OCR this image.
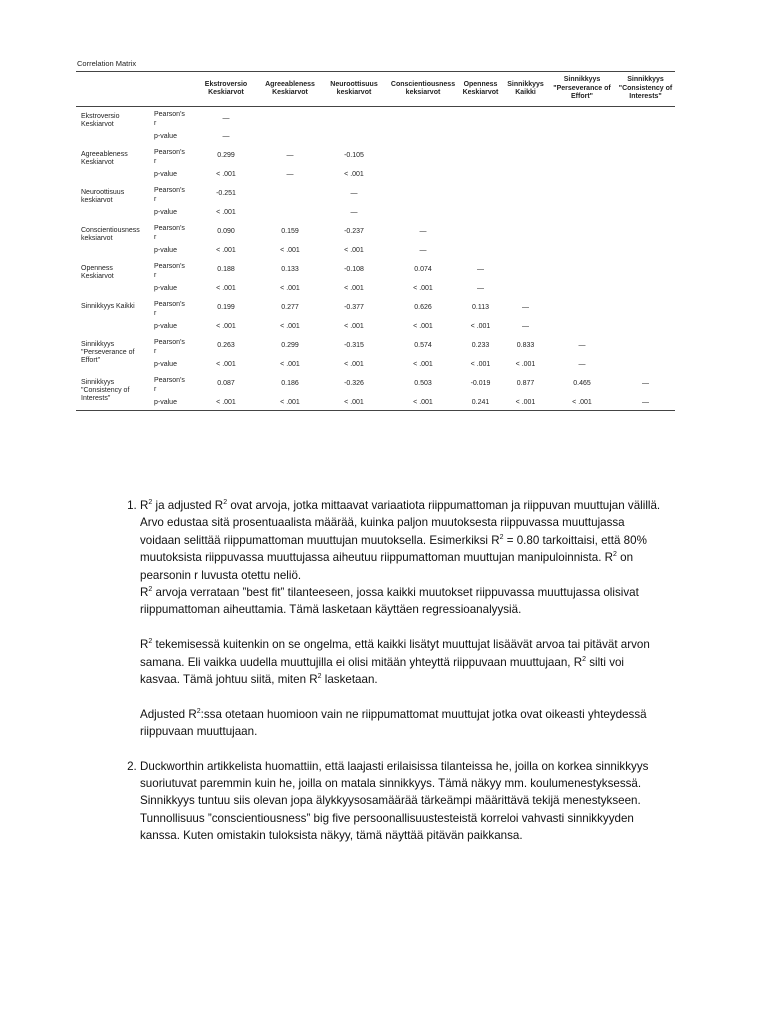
Correlation Matrix
		Ekstroversio Keskiarvot	Agreeableness Keskiarvot	Neuroottisuus keskiarvot	Conscientiousness keksiarvot	Openness Keskiarvot	Sinnikkyys Kaikki	Sinnikkyys "Perseverance of Effort"	Sinnikkyys "Consistency of Interests"
Ekstroversio Keskiarvot	Pearson's r	—							
	p-value	—							
Agreeableness Keskiarvot	Pearson's r	0.299	—	-0.105					
	p-value	< .001	—	< .001					
Neuroottisuus keskiarvot	Pearson's r	-0.251		—					
	p-value	< .001		—					
Conscientiousness keksiarvot	Pearson's r	0.090	0.159	-0.237	—				
	p-value	< .001	< .001	< .001	—				
Openness Keskiarvot	Pearson's r	0.188	0.133	-0.108	0.074	—			
	p-value	< .001	< .001	< .001	< .001	—			
Sinnikkyys Kaikki	Pearson's r	0.199	0.277	-0.377	0.626	0.113	—		
	p-value	< .001	< .001	< .001	< .001	< .001	—		
Sinnikkyys "Perseverance of Effort"	Pearson's r	0.263	0.299	-0.315	0.574	0.233	0.833	—	
	p-value	< .001	< .001	< .001	< .001	< .001	< .001	—	
Sinnikkyys "Consistency of Interests"	Pearson's r	0.087	0.186	-0.326	0.503	-0.019	0.877	0.465	—
	p-value	< .001	< .001	< .001	< .001	0.241	< .001	< .001	—

1. $R^2$ ja adjusted $R^2$ ovat arvoja, jotka mittaavat variaatiota riippumattoman ja riippuvan muuttujan välillä. Arvo edustaa sitä prosentuaalista määrää, kuinka paljon muutoksesta riippuvassa muuttujassa voidaan selittää riippumattoman muuttujan muutoksella. Esimerkiksi $R^2 = 0.80$ tarkoittaisi, että 80% muutoksista riippuvassa muuttujassa aiheutuu riippumattoman muuttujan manipuloinnista. $R^2$ on pearsonin r luvusta otettu neliö.
$R^2$ arvoja verrataan ”best fit” tilanteeseen, jossa kaikki muutokset riippuvassa muuttujassa olisivat riippumattoman aiheuttamia. Tämä lasketaan käyttäen regressioanalyysiä.

$R^2$ tekemisessä kuitenkin on se ongelma, että kaikki lisätyt muuttujat lisäävät arvoa tai pitävät arvon samana. Eli vaikka uudella muuttujilla ei olisi mitään yhteyttä riippuvaan muuttujaan, $R^2$ silti voi kasvaa. Tämä johtuu siitä, miten $R^2$ lasketaan.

Adjusted $R^2:ssa$ otetaan huomioon vain ne riippumattomat muuttujat jotka ovat oikeasti yhteydessä riippuvaan muuttujaan.

2. Duckworthin artikkelista huomattiin, että laajasti erilaisissa tilanteissa he, joilla on korkea sinnikkyys suoriutuvat paremmin kuin he, joilla on matala sinnikkyys. Tämä näkyy mm. koulumenestyksessä. Sinnikkyys tuntuu siis olevan jopa älykkyysosamäärää tärkeämpi määrittävä tekijä menestykseen. Tunnollisuus ”conscientiousness” big five persoonallisuustesteistä korreloi vahvasti sinnikkyyden kanssa. Kuten omistakin tuloksista näkyy, tämä näyttää pitävän paikkansa.
